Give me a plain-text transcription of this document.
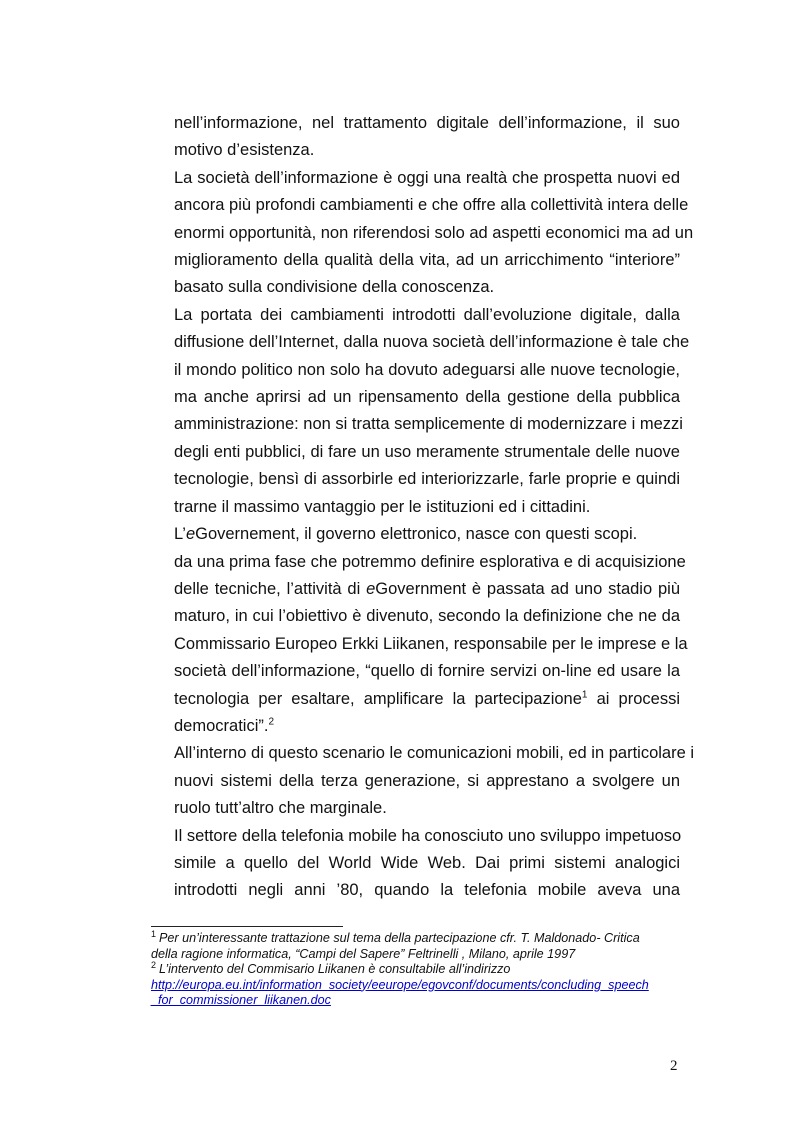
nell’informazione, nel trattamento digitale dell’informazione, il suo
motivo d’esistenza.
La società dell’informazione è oggi una realtà che prospetta nuovi ed
ancora più profondi cambiamenti e che offre alla collettività intera delle
enormi opportunità, non riferendosi solo ad aspetti economici ma ad un
miglioramento della qualità della vita, ad un arricchimento “interiore”
basato sulla condivisione della conoscenza.
La portata dei cambiamenti introdotti dall’evoluzione digitale, dalla
diffusione dell’Internet, dalla nuova società dell’informazione è tale che
il mondo politico non solo ha dovuto adeguarsi alle nuove tecnologie,
ma anche aprirsi ad un ripensamento della gestione della pubblica
amministrazione: non si tratta semplicemente di modernizzare i mezzi
degli enti pubblici, di fare un uso meramente strumentale delle nuove
tecnologie, bensì di assorbirle ed interiorizzarle, farle proprie e quindi
trarne il massimo vantaggio per le istituzioni ed i cittadini.
L’eGovernement, il governo elettronico, nasce con questi scopi.
da una prima fase che potremmo definire esplorativa e di acquisizione
delle tecniche, l’attività di eGovernment è passata ad uno stadio più
maturo, in cui l’obiettivo è divenuto, secondo la definizione che ne da
Commissario Europeo Erkki Liikanen, responsabile per le imprese e la
società dell’informazione, “quello di fornire servizi on-line ed usare la
tecnologia per esaltare, amplificare la partecipazione$^1$ ai processi
democratici”.$^2$
All’interno di questo scenario le comunicazioni mobili, ed in particolare i
nuovi sistemi della terza generazione, si apprestano a svolgere un
ruolo tutt’altro che marginale.
Il settore della telefonia mobile ha conosciuto uno sviluppo impetuoso
simile a quello del World Wide Web. Dai primi sistemi analogici
introdotti negli anni ’80, quando la telefonia mobile aveva una
$^1$ Per un’interessante trattazione sul tema della partecipazione cfr. T. Maldonado- Critica
della ragione informatica, “Campi del Sapere” Feltrinelli , Milano, aprile 1997
$^2$ L’intervento del Commisario Liikanen è consultabile all’indirizzo
http://europa.eu.int/information_society/eeurope/egovconf/documents/concluding_speech
_for_commissioner_liikanen.doc
2
